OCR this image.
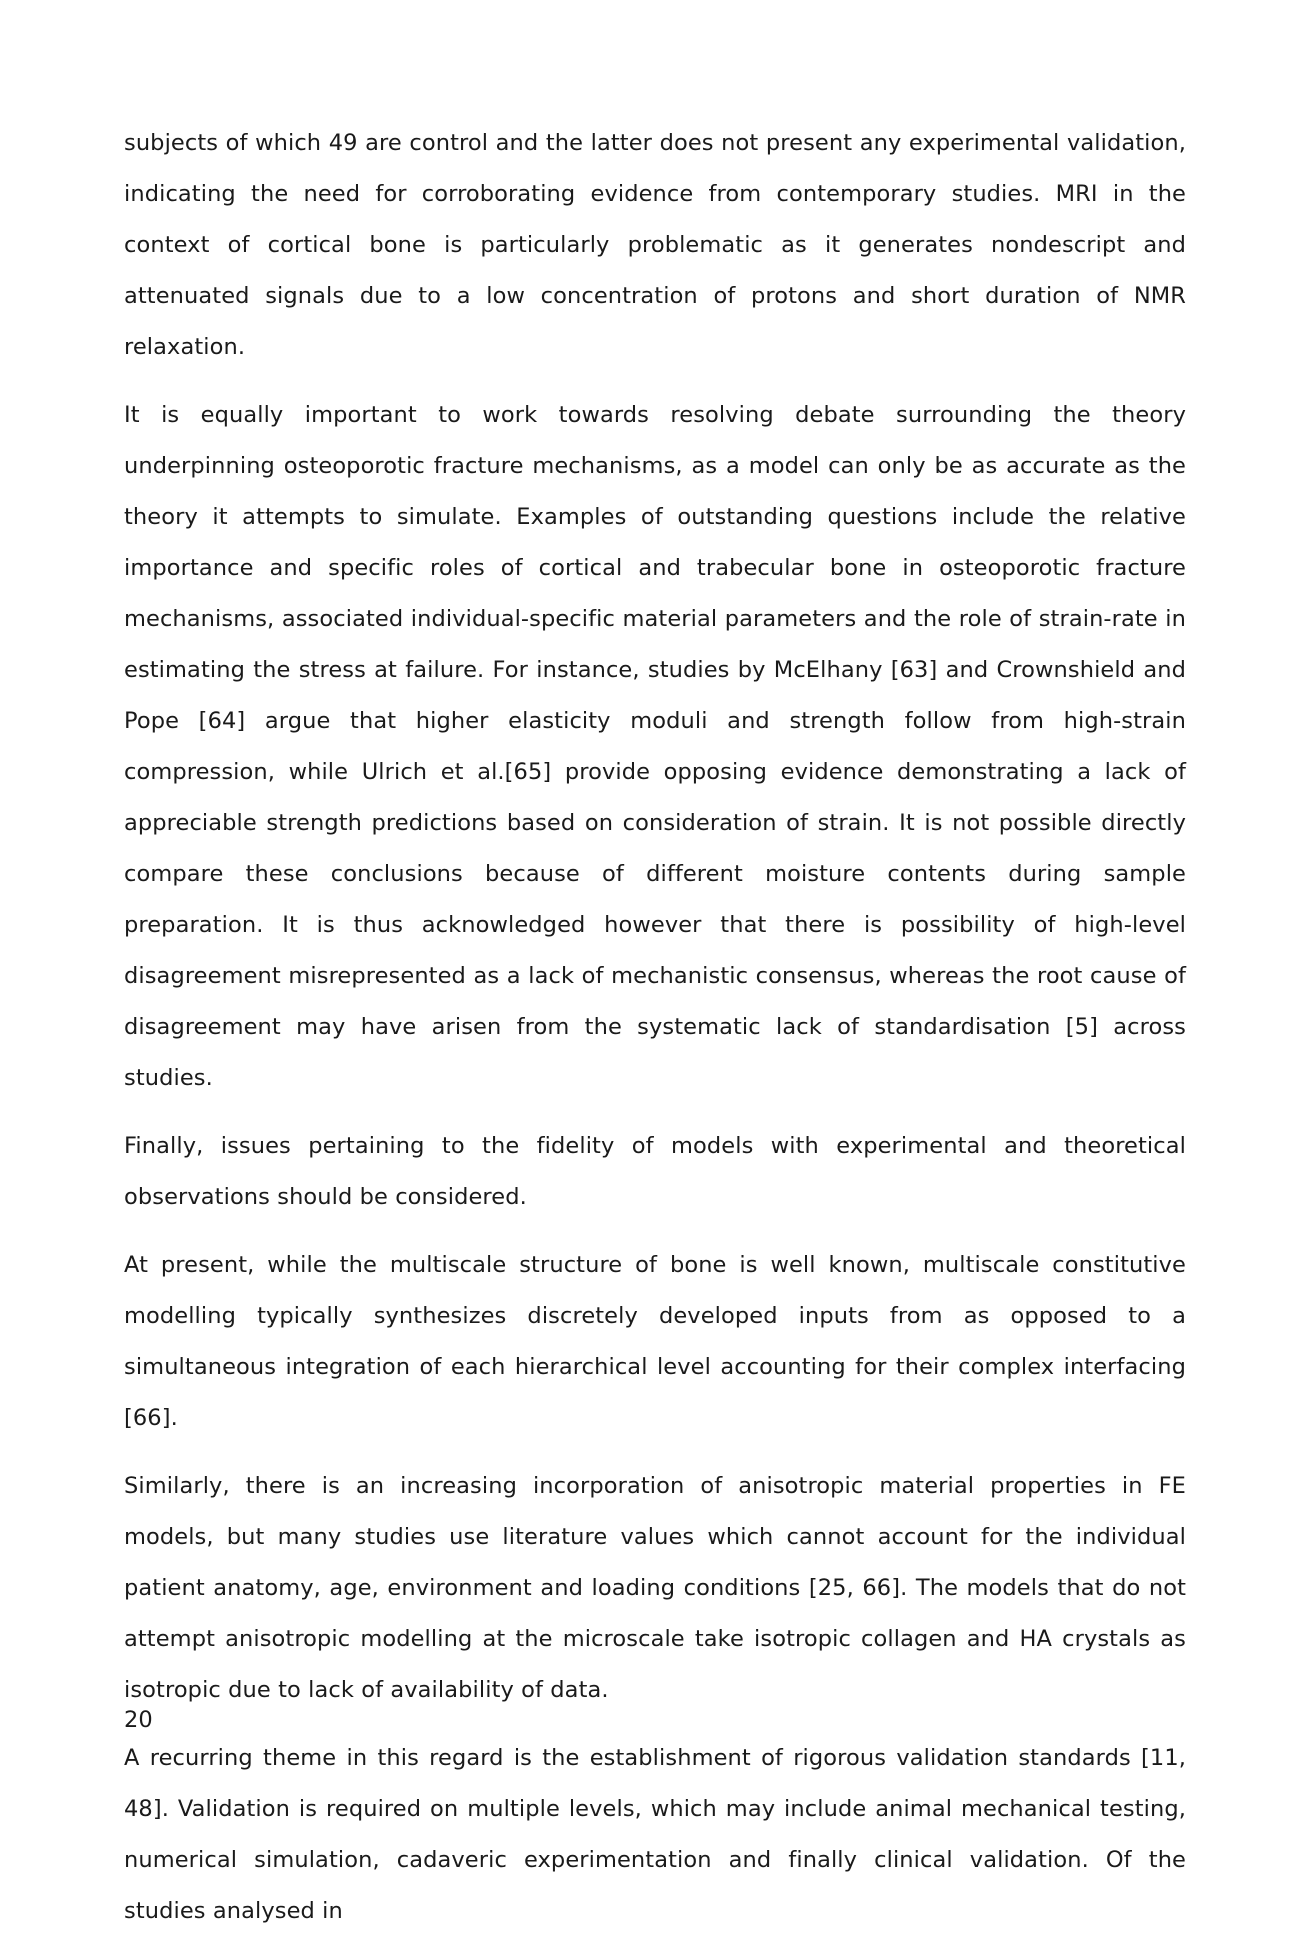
subjects of which 49 are control and the latter does not present any experimental validation, indicating the need for corroborating evidence from contemporary studies. MRI in the context of cortical bone is particularly problematic as it generates nondescript and attenuated signals due to a low concentration of protons and short duration of NMR relaxation.

It is equally important to work towards resolving debate surrounding the theory underpinning osteoporotic fracture mechanisms, as a model can only be as accurate as the theory it attempts to simulate. Examples of outstanding questions include the relative importance and specific roles of cortical and trabecular bone in osteoporotic fracture mechanisms, associated individual-specific material parameters and the role of strain-rate in estimating the stress at failure. For instance, studies by McElhany [63] and Crownshield and Pope [64] argue that higher elasticity moduli and strength follow from high-strain compression, while Ulrich et al.[65] provide opposing evidence demonstrating a lack of appreciable strength predictions based on consideration of strain. It is not possible directly compare these conclusions because of different moisture contents during sample preparation. It is thus acknowledged however that there is possibility of high-level disagreement misrepresented as a lack of mechanistic consensus, whereas the root cause of disagreement may have arisen from the systematic lack of standardisation [5] across studies.

Finally, issues pertaining to the fidelity of models with experimental and theoretical observations should be considered.

At present, while the multiscale structure of bone is well known, multiscale constitutive modelling typically synthesizes discretely developed inputs from as opposed to a simultaneous integration of each hierarchical level accounting for their complex interfacing [66].

Similarly, there is an increasing incorporation of anisotropic material properties in FE models, but many studies use literature values which cannot account for the individual patient anatomy, age, environment and loading conditions [25, 66]. The models that do not attempt anisotropic modelling at the microscale take isotropic collagen and HA crystals as isotropic due to lack of availability of data.

A recurring theme in this regard is the establishment of rigorous validation standards [11, 48]. Validation is required on multiple levels, which may include animal mechanical testing, numerical simulation, cadaveric experimentation and finally clinical validation. Of the studies analysed in

20
